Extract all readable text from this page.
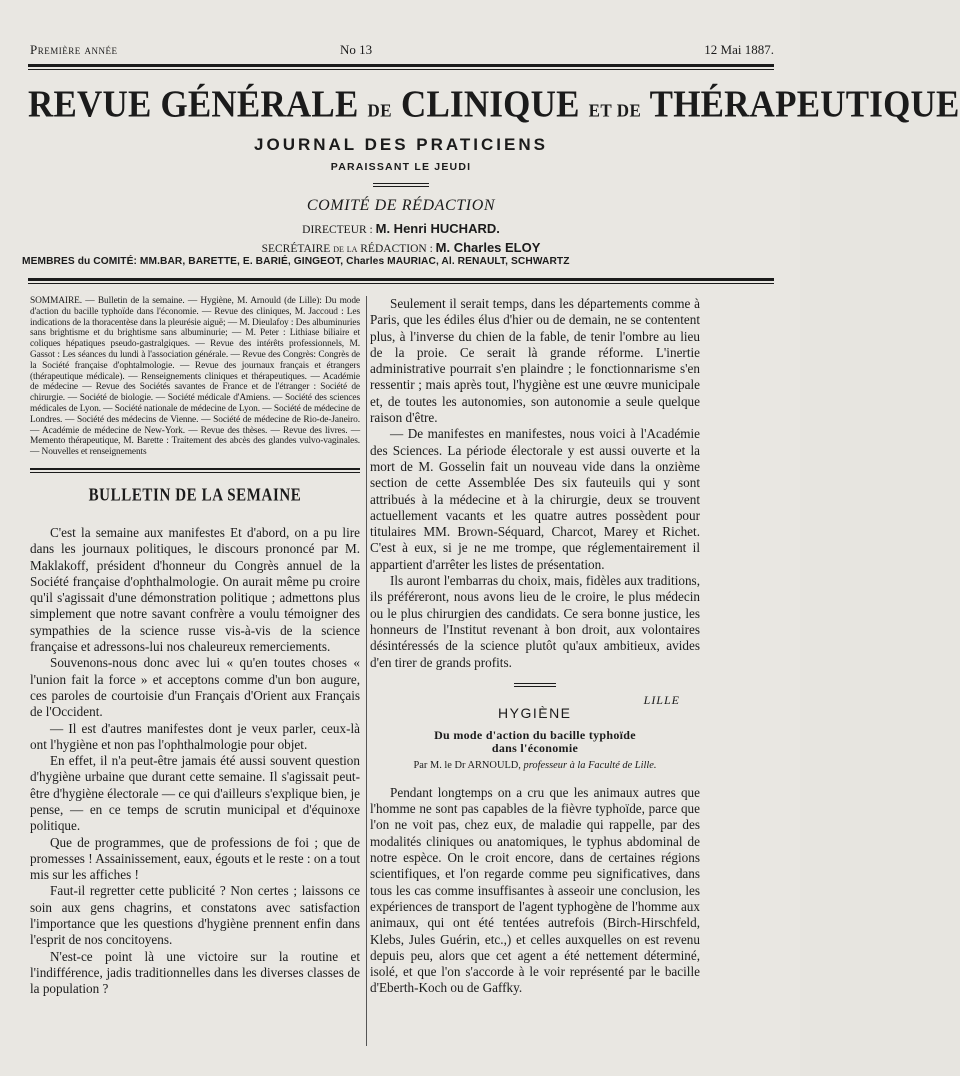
Première année	No 13	12 Mai 1887.
REVUE GÉNÉRALE DE CLINIQUE ET DE THÉRAPEUTIQUE
JOURNAL DES PRATICIENS
PARAISSANT LE JEUDI
COMITÉ DE RÉDACTION
DIRECTEUR : M. Henri HUCHARD.
SECRÉTAIRE de la RÉDACTION : M. Charles ELOY
MEMBRES du COMITÉ: MM.BAR, BARETTE, E. BARIÉ, GINGEOT, Charles MAURIAC, Al. RENAULT, SCHWARTZ
SOMMAIRE. — Bulletin de la semaine. — Hygiène, M. Arnould (de Lille): Du mode d'action du bacille typhoïde dans l'économie. — Revue des cliniques, M. Jaccoud : Les indications de la thoracentèse dans la pleurésie aiguë; — M. Dieulafoy : Des albuminuries sans brightisme et du brightisme sans albuminurie; — M. Peter : Lithiase biliaire et coliques hépatiques pseudo-gastralgiques. — Revue des intérêts professionnels, M. Gassot : Les séances du lundi à l'association générale. — Revue des Congrès: Congrès de la Société française d'ophtalmologie. — Revue des journaux français et étrangers (thérapeutique médicale). — Renseignements cliniques et thérapeutiques. — Académie de médecine — Revue des Sociétés savantes de France et de l'étranger : Société de chirurgie. — Société de biologie. — Société médicale d'Amiens. — Société des sciences médicales de Lyon. — Société nationale de médecine de Lyon. — Société de médecine de Londres. — Société des médecins de Vienne. — Société de médecine de Rio-de-Janeiro. — Académie de médecine de New-York. — Revue des thèses. — Revue des livres. — Memento thérapeutique, M. Barette : Traitement des abcès des glandes vulvo-vaginales. — Nouvelles et renseignements
BULLETIN DE LA SEMAINE

C'est la semaine aux manifestes Et d'abord, on a pu lire dans les journaux politiques, le discours prononcé par M. Maklakoff, président d'honneur du Congrès annuel de la Société française d'ophthalmologie. On aurait même pu croire qu'il s'agissait d'une démonstration politique ; admettons plus simplement que notre savant confrère a voulu témoigner des sympathies de la science russe vis-à-vis de la science française et adressons-lui nos chaleureux remerciements.

Souvenons-nous donc avec lui « qu'en toutes choses « l'union fait la force » et acceptons comme d'un bon augure, ces paroles de courtoisie d'un Français d'Orient aux Français de l'Occident.

— Il est d'autres manifestes dont je veux parler, ceux-là ont l'hygiène et non pas l'ophthalmologie pour objet.

En effet, il n'a peut-être jamais été aussi souvent question d'hygiène urbaine que durant cette semaine. Il s'agissait peut-être d'hygiène électorale — ce qui d'ailleurs s'explique bien, je pense, — en ce temps de scrutin municipal et d'équinoxe politique.

Que de programmes, que de professions de foi ; que de promesses ! Assainissement, eaux, égouts et le reste : on a tout mis sur les affiches !

Faut-il regretter cette publicité ? Non certes ; laissons ce soin aux gens chagrins, et constatons avec satisfaction l'importance que les questions d'hygiène prennent enfin dans l'esprit de nos concitoyens.

N'est-ce point là une victoire sur la routine et l'indifférence, jadis traditionnelles dans les diverses classes de la population ?

Seulement il serait temps, dans les départements comme à Paris, que les édiles élus d'hier ou de demain, ne se contentent plus, à l'inverse du chien de la fable, de tenir l'ombre au lieu de la proie. Ce serait là grande réforme. L'inertie administrative pourrait s'en plaindre ; le fonctionnarisme s'en ressentir ; mais après tout, l'hygiène est une œuvre municipale et, de toutes les autonomies, son autonomie a seule quelque raison d'être.

— De manifestes en manifestes, nous voici à l'Académie des Sciences. La période électorale y est aussi ouverte et la mort de M. Gosselin fait un nouveau vide dans la onzième section de cette Assemblée Des six fauteuils qui y sont attribués à la médecine et à la chirurgie, deux se trouvent actuellement vacants et les quatre autres possèdent pour titulaires MM. Brown-Séquard, Charcot, Marey et Richet. C'est à eux, si je ne me trompe, que réglementairement il appartient d'arrêter les listes de présentation.

Ils auront l'embarras du choix, mais, fidèles aux traditions, ils préféreront, nous avons lieu de le croire, le plus médecin ou le plus chirurgien des candidats. Ce sera bonne justice, les honneurs de l'Institut revenant à bon droit, aux volontaires désintéressés de la science plutôt qu'aux ambitieux, avides d'en tirer de grands profits.

LILLE
HYGIÈNE
Du mode d'action du bacille typhoïde
dans l'économie
Par M. le Dr ARNOULD, professeur à la Faculté de Lille.

Pendant longtemps on a cru que les animaux autres que l'homme ne sont pas capables de la fièvre typhoïde, parce que l'on ne voit pas, chez eux, de maladie qui rappelle, par des modalités cliniques ou anatomiques, le typhus abdominal de notre espèce. On le croit encore, dans de certaines régions scientifiques, et l'on regarde comme peu significatives, dans tous les cas comme insuffisantes à asseoir une conclusion, les expériences de transport de l'agent typhogène de l'homme aux animaux, qui ont été tentées autrefois (Birch-Hirschfeld, Klebs, Jules Guérin, etc.,) et celles auxquelles on est revenu depuis peu, alors que cet agent a été nettement déterminé, isolé, et que l'on s'accorde à le voir représenté par le bacille d'Eberth-Koch ou de Gaffky.
